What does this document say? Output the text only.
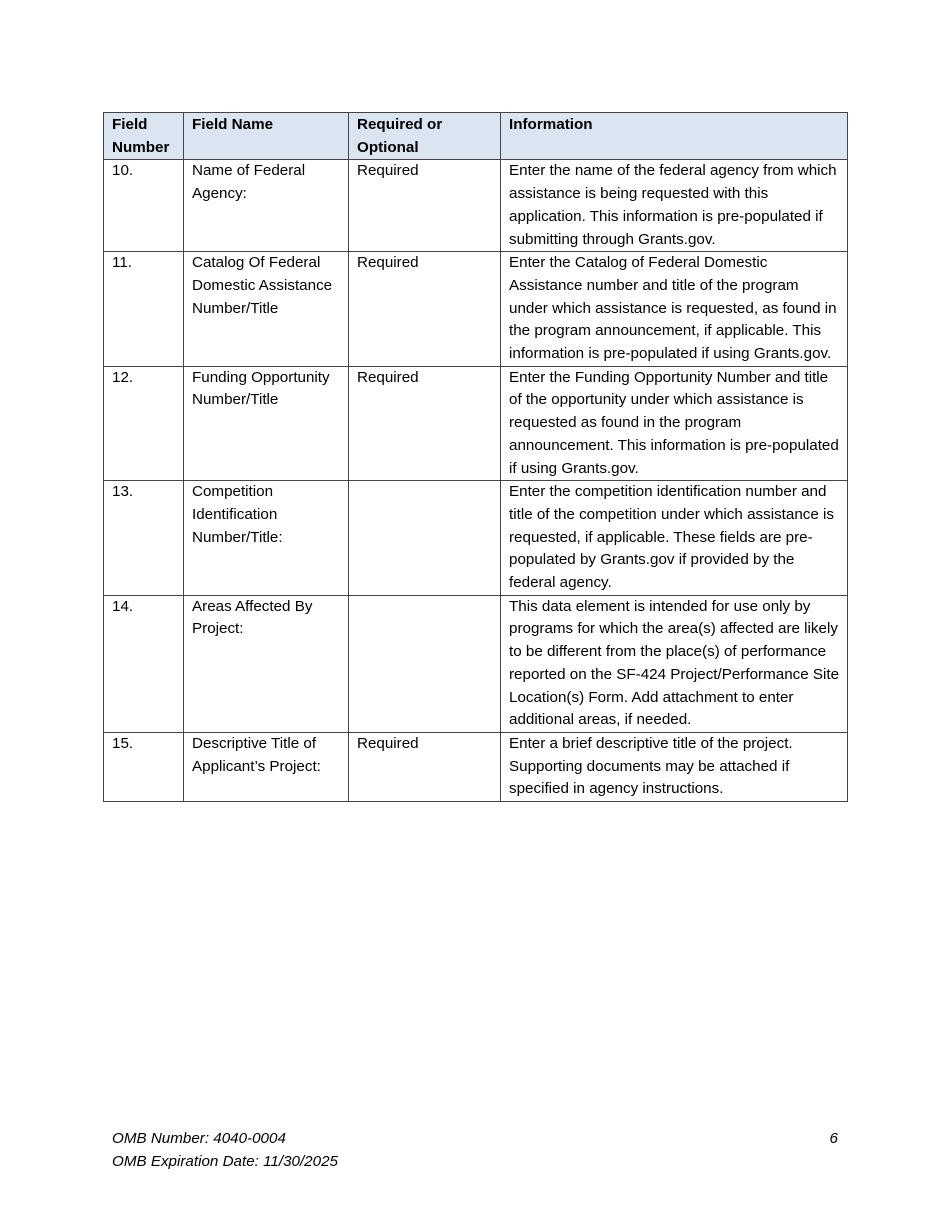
Field Number	Field Name	Required or Optional	Information
10.	Name of Federal Agency:	Required	Enter the name of the federal agency from which assistance is being requested with this application. This information is pre-populated if submitting through Grants.gov.
11.	Catalog Of Federal Domestic Assistance Number/Title	Required	Enter the Catalog of Federal Domestic Assistance number and title of the program under which assistance is requested, as found in the program announcement, if applicable. This information is pre-populated if using Grants.gov.
12.	Funding Opportunity Number/Title	Required	Enter the Funding Opportunity Number and title of the opportunity under which assistance is requested as found in the program announcement. This information is pre-populated if using Grants.gov.
13.	Competition Identification Number/Title:		Enter the competition identification number and title of the competition under which assistance is requested, if applicable. These fields are pre-populated by Grants.gov if provided by the federal agency.
14.	Areas Affected By Project:		This data element is intended for use only by programs for which the area(s) affected are likely to be different from the place(s) of performance reported on the SF-424 Project/Performance Site Location(s) Form. Add attachment to enter additional areas, if needed.
15.	Descriptive Title of Applicant’s Project:	Required	Enter a brief descriptive title of the project. Supporting documents may be attached if specified in agency instructions.
OMB Number: 4040-0004
OMB Expiration Date: 11/30/2025
6
